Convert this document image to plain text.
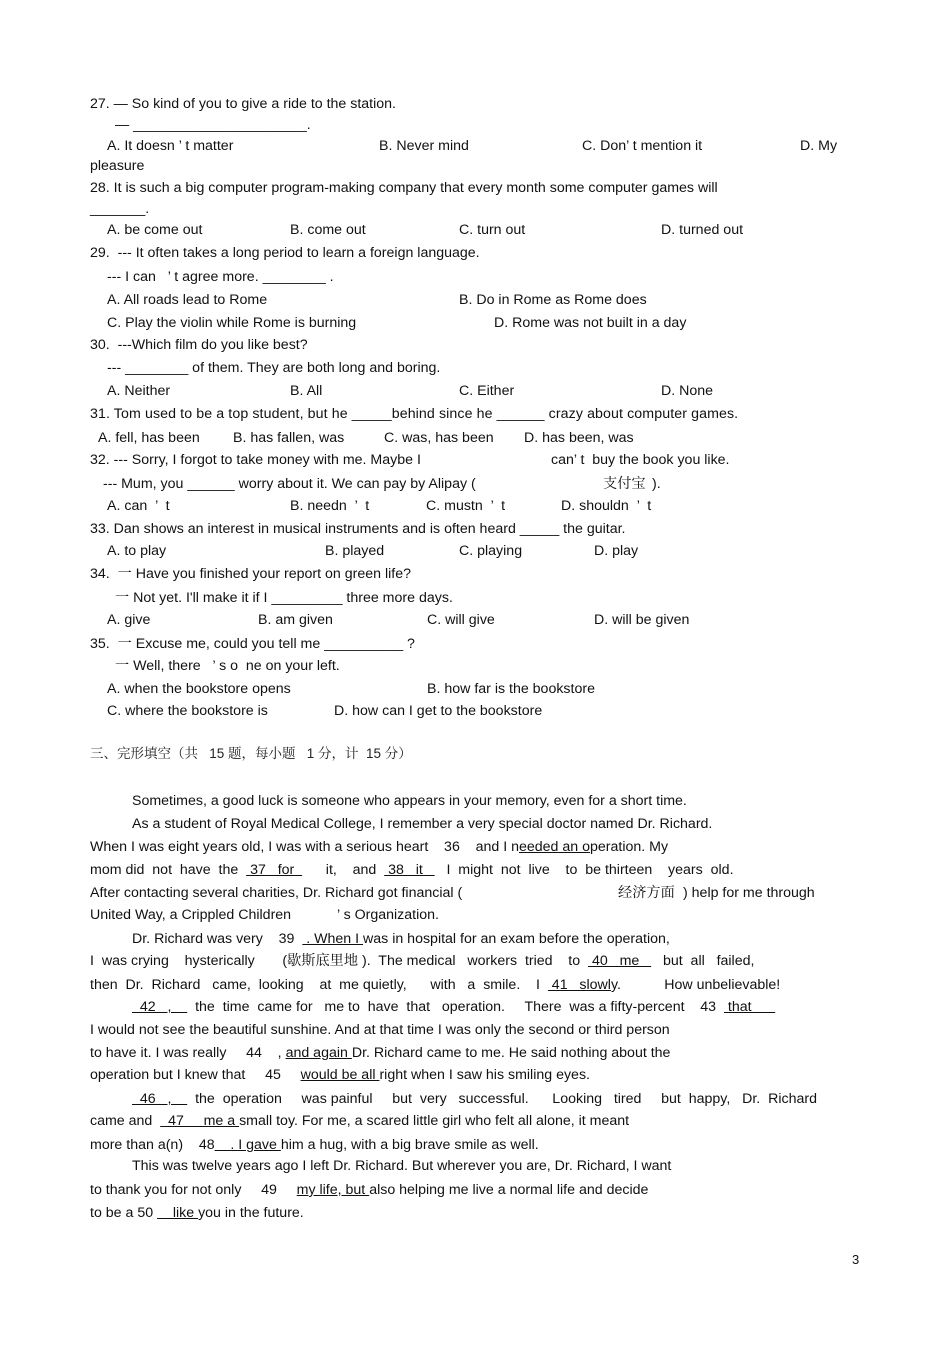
27. — So kind of you to give a ride to the station.
— ______________________.
A. It doesn ’ t matter	B. Never mind	C. Don’ t mention it	D. My
pleasure
28. It is such a big computer program-making company that every month some computer games will
_______.
A. be come out	B. come out	C. turn out	D. turned out
29.  --- It often takes a long period to learn a foreign language.
--- I can   ’ t agree more. ________ .
A. All roads lead to Rome	B. Do in Rome as Rome does
C. Play the violin while Rome is burning	D. Rome was not built in a day
30.  ---Which film do you like best?
--- ________ of them. They are both long and boring.
A. Neither	B. All	C. Either	D. None
31. Tom used to be a top student, but he _____behind since he ______ crazy about computer games.
A. fell, has been B. has fallen, was	C. was, has been D. has been, was
32. --- Sorry, I forgot to take money with me. Maybe I	can’ t  buy the book you like.
--- Mum, you ______ worry about it. We can pay by Alipay (	支付宝 ).
A. can  ’  t	B. needn  ’  t	C. mustn  ’  t	D. shouldn  ’  t
33. Dan shows an interest in musical instruments and is often heard _____ the guitar.
A. to play	B. played	C. playing	D. play
34.  一 Have you finished your report on green life?
一 Not yet. I'll make it if I _________ three more days.
A. give	B. am given	C. will give	D. will be given
35.  一 Excuse me, could you tell me __________ ?
一 Well, there   ’ s o  ne on your left.
A. when the bookstore opens	B. how far is the bookstore
C. where the bookstore is	D. how can I get to the bookstore
三、完形填空（共   15 题，每小题   1 分，计  15 分）
Sometimes, a good luck is someone who appears in your memory, even for a short time.
As a student of Royal Medical College, I remember a very special doctor named Dr. Richard.
When I was eight years old, I was with a serious heart    36    and I needed an operation. My
mom did  not  have  the   37   for        it,    and   38   it      I  might  not  live    to  be thirteen    years  old.
After contacting several charities, Dr. Richard got financial (	经济方面 ) help for me through
United Way, a Crippled Children	’ s Organization.
Dr. Richard was very    39   . When I was in hospital for an exam before the operation,
I  was crying    hysterically       (歇斯底里地 ).  The medical   workers  tried    to   40   me      but  all   failed,
then  Dr.  Richard   came,  looking    at  me quietly,      with   a  smile.    I   41   slowly.           How unbelievable!
42   ,      the  time  came for   me to  have  that   operation.     There  was a fifty-percent    43   that
I would not see the beautiful sunshine. And at that time I was only the second or third person
to have it. I was really     44    , and again Dr. Richard came to me. He said nothing about the
operation but I knew that     45     would be all right when I saw his smiling eyes.
46   ,      the  operation     was painful     but  very   successful.      Looking   tired     but  happy,   Dr.  Richard
came and    47     me a small toy. For me, a scared little girl who felt all alone, it meant
more than a(n)    48    . I gave him a hug, with a big brave smile as well.
This was twelve years ago I left Dr. Richard. But wherever you are, Dr. Richard, I want
to thank you for not only     49     my life, but also helping me live a normal life and decide
to be a 50     like you in the future.
3
